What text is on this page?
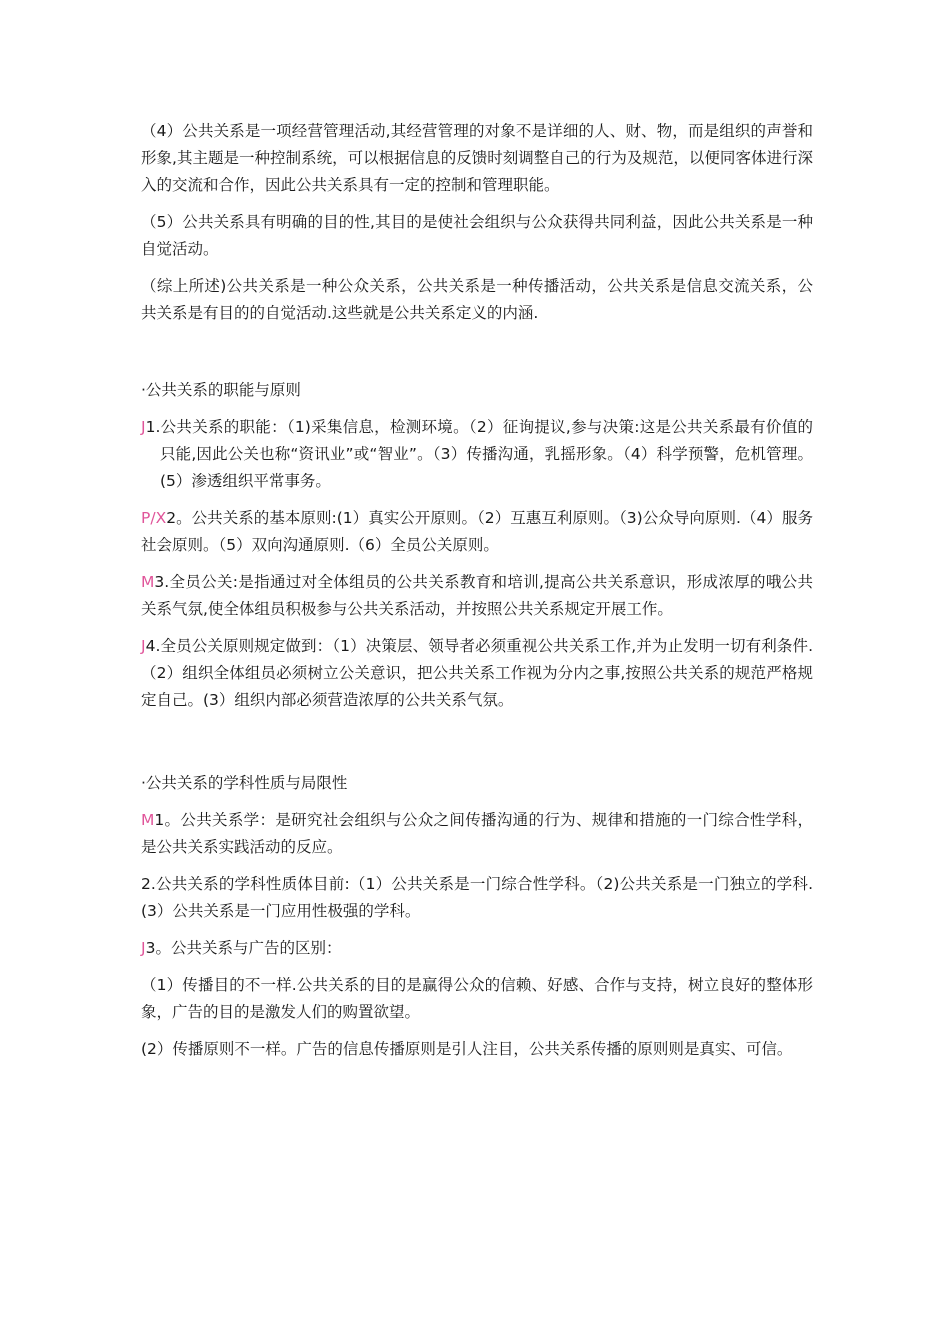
（4）公共关系是一项经营管理活动,其经营管理的对象不是详细的人、财、物，而是组织的声誉和形象,其主题是一种控制系统，可以根据信息的反馈时刻调整自己的行为及规范，以便同客体进行深入的交流和合作，因此公共关系具有一定的控制和管理职能。

（5）公共关系具有明确的目的性,其目的是使社会组织与公众获得共同利益，因此公共关系是一种自觉活动。

（综上所述)公共关系是一种公众关系，公共关系是一种传播活动，公共关系是信息交流关系，公共关系是有目的的自觉活动.这些就是公共关系定义的内涵.

·公共关系的职能与原则

J1.公共关系的职能：（1)采集信息，检测环境。（2）征询提议,参与决策:这是公共关系最有价值的只能,因此公关也称“资讯业”或“智业”。（3）传播沟通，乳摇形象。（4）科学预警，危机管理。(5）渗透组织平常事务。

P/X2。公共关系的基本原则:(1）真实公开原则。（2）互惠互利原则。（3)公众导向原则.（4）服务社会原则。（5）双向沟通原则.（6）全员公关原则。

M3.全员公关:是指通过对全体组员的公共关系教育和培训,提高公共关系意识，形成浓厚的哦公共关系气氛,使全体组员积极参与公共关系活动，并按照公共关系规定开展工作。

J4.全员公关原则规定做到：（1）决策层、领导者必须重视公共关系工作,并为止发明一切有利条件.（2）组织全体组员必须树立公关意识，把公共关系工作视为分内之事,按照公共关系的规范严格规定自己。(3）组织内部必须营造浓厚的公共关系气氛。

·公共关系的学科性质与局限性

M1。公共关系学：是研究社会组织与公众之间传播沟通的行为、规律和措施的一门综合性学科，是公共关系实践活动的反应。

2.公共关系的学科性质体目前:（1）公共关系是一门综合性学科。（2)公共关系是一门独立的学科.(3）公共关系是一门应用性极强的学科。

J3。公共关系与广告的区别：

（1）传播目的不一样.公共关系的目的是赢得公众的信赖、好感、合作与支持，树立良好的整体形象，广告的目的是激发人们的购置欲望。

(2）传播原则不一样。广告的信息传播原则是引人注目，公共关系传播的原则则是真实、可信。
